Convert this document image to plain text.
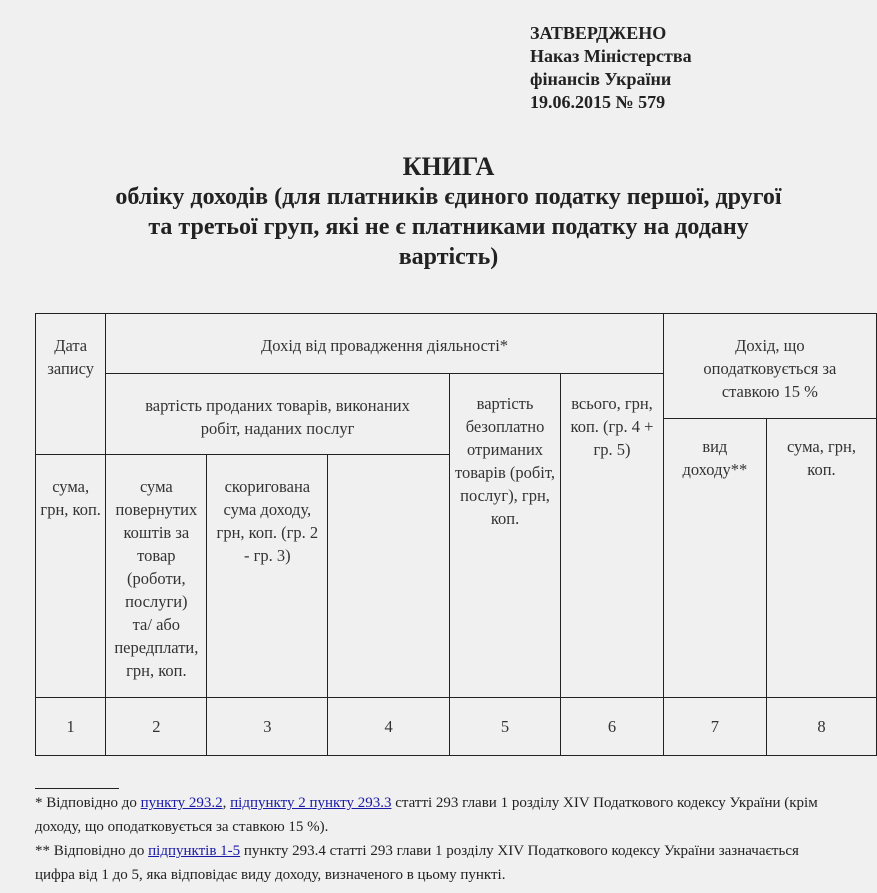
ЗАТВЕРДЖЕНО
Наказ Міністерства
фінансів України
19.06.2015 № 579
КНИГА
обліку доходів (для платників єдиного податку першої, другої
та третьої груп, які не є платниками податку на додану
вартість)
Дата запису	Дохід від провадження діяльності*					Дохід, що оподатковується за ставкою 15 %	
	вартість проданих товарів, виконаних робіт, наданих послуг			вартість безоплатно отриманих товарів (робіт, послуг), грн, коп.	всього, грн, коп. (гр. 4 + гр. 5)		
						вид доходу**	сума, грн, коп.
сума, грн, коп.	сума повернутих коштів за товар (роботи, послуги) та/ або передплати, грн, коп.	скоригована сума доходу, грн, коп. (гр. 2 - гр. 3)					
1	2	3	4	5	6	7	8
* Відповідно до пункту 293.2, підпункту 2 пункту 293.3 статті 293 глави 1 розділу XIV Податкового кодексу України (крім доходу, що оподатковується за ставкою 15 %).
** Відповідно до підпунктів 1-5 пункту 293.4 статті 293 глави 1 розділу XIV Податкового кодексу України зазначається цифра від 1 до 5, яка відповідає виду доходу, визначеного в цьому пункті.
